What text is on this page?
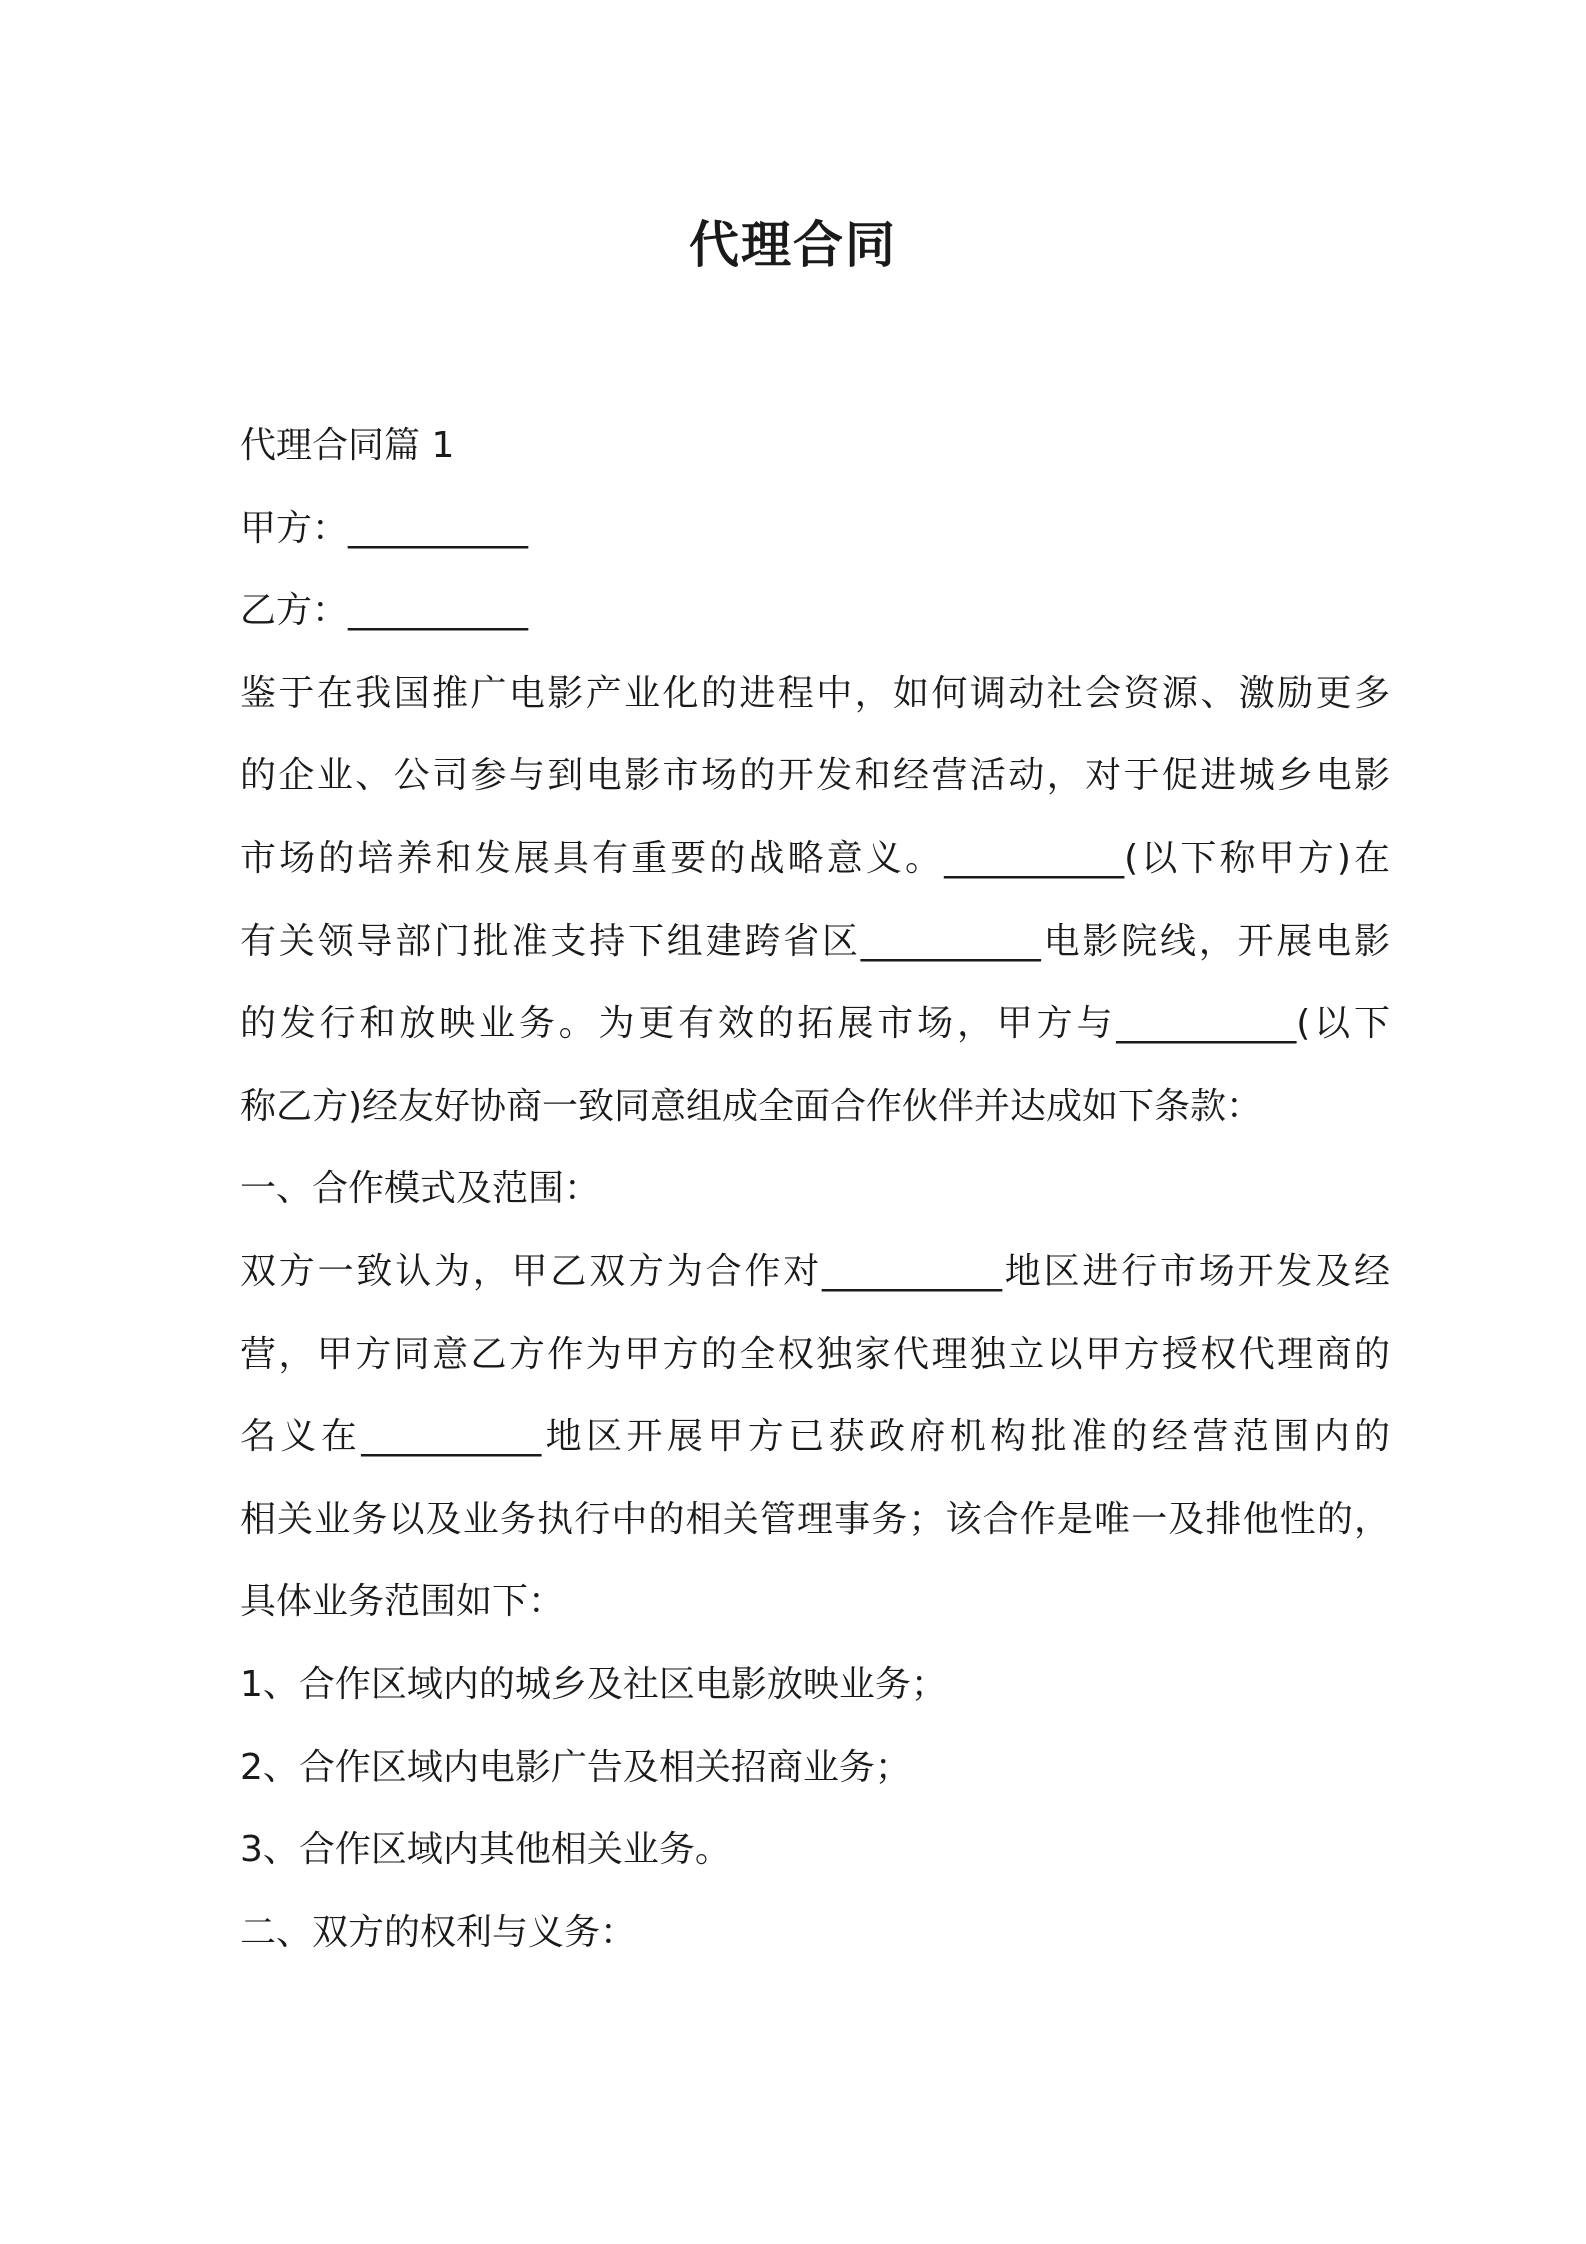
代理合同
代理合同篇 1
甲方：__________
乙方：__________
鉴于在我国推广电影产业化的进程中，如何调动社会资源、激励更多
的企业、公司参与到电影市场的开发和经营活动，对于促进城乡电影
市场的培养和发展具有重要的战略意义。__________(以下称甲方)在
有关领导部门批准支持下组建跨省区__________电影院线，开展电影
的发行和放映业务。为更有效的拓展市场，甲方与__________(以下
称乙方)经友好协商一致同意组成全面合作伙伴并达成如下条款：
一、合作模式及范围：
双方一致认为，甲乙双方为合作对__________地区进行市场开发及经
营，甲方同意乙方作为甲方的全权独家代理独立以甲方授权代理商的
名义在__________地区开展甲方已获政府机构批准的经营范围内的
相关业务以及业务执行中的相关管理事务；该合作是唯一及排他性的，
具体业务范围如下：
1、合作区域内的城乡及社区电影放映业务；
2、合作区域内电影广告及相关招商业务；
3、合作区域内其他相关业务。
二、双方的权利与义务：
